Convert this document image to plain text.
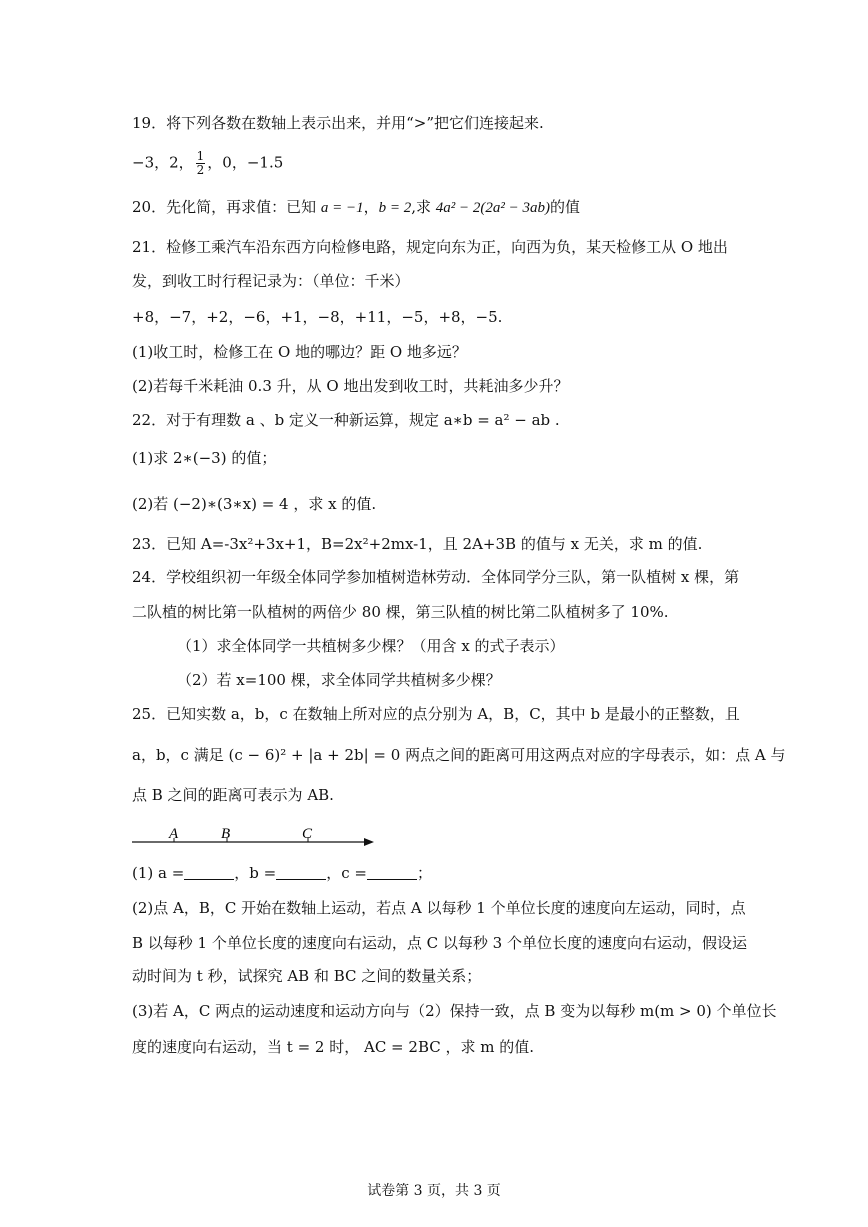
19．将下列各数在数轴上表示出来，并用“>”把它们连接起来.
−3，2， $\frac{1}{2}$ ，0，−1.5
20．先化简，再求值：已知 a = −1，b = 2,求 4a² − 2(2a² − 3ab)的值
21．检修工乘汽车沿东西方向检修电路，规定向东为正，向西为负，某天检修工从 O 地出
发，到收工时行程记录为：（单位：千米）
+8，−7，+2，−6，+1，−8，+11，−5，+8，−5.
(1)收工时，检修工在 O 地的哪边？距 O 地多远？
(2)若每千米耗油 0.3 升，从 O 地出发到收工时，共耗油多少升？
22．对于有理数 a 、b 定义一种新运算，规定 a∗b = a² − ab .
(1)求 2∗(−3) 的值；
(2)若 (−2)∗(3∗x) = 4 ，求 x 的值.
23．已知 A=-3x²+3x+1，B=2x²+2mx-1，且 2A+3B 的值与 x 无关，求 m 的值.
24．学校组织初一年级全体同学参加植树造林劳动．全体同学分三队，第一队植树 x 棵，第
二队植的树比第一队植树的两倍少 80 棵，第三队植的树比第二队植树多了 10%.
（1）求全体同学一共植树多少棵？（用含 x 的式子表示）
（2）若 x=100 棵，求全体同学共植树多少棵？
25．已知实数 a，b，c 在数轴上所对应的点分别为 A，B，C，其中 b 是最小的正整数，且
a，b，c 满足 (c − 6)² + |a + 2b| = 0 两点之间的距离可用这两点对应的字母表示，如：点 A 与
点 B 之间的距离可表示为 AB.
A	B	C
(1) a =	，b =	，c =	；
(2)点 A，B，C 开始在数轴上运动，若点 A 以每秒 1 个单位长度的速度向左运动，同时，点
B 以每秒 1 个单位长度的速度向右运动，点 C 以每秒 3 个单位长度的速度向右运动，假设运
动时间为 t 秒，试探究 AB 和 BC 之间的数量关系；
(3)若 A，C 两点的运动速度和运动方向与（2）保持一致，点 B 变为以每秒 m(m > 0) 个单位长
度的速度向右运动，当 t = 2 时， AC = 2BC ，求 m 的值.
试卷第 3 页，共 3 页
